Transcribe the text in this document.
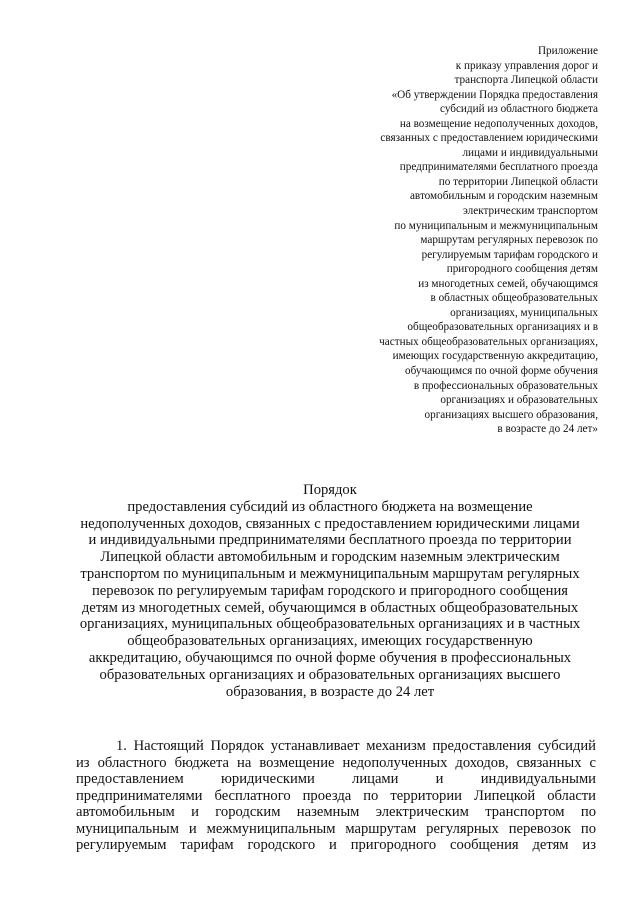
Приложение
к приказу управления дорог и
транспорта Липецкой области
«Об утверждении Порядка предоставления
субсидий из областного бюджета
на возмещение недополученных доходов,
связанных с предоставлением юридическими
лицами и индивидуальными
предпринимателями бесплатного проезда
по территории Липецкой области
автомобильным и городским наземным
электрическим транспортом
по муниципальным и межмуниципальным
маршрутам регулярных перевозок по
регулируемым тарифам городского и
пригородного сообщения детям
из многодетных семей, обучающимся
в областных общеобразовательных
организациях, муниципальных
общеобразовательных организациях и в
частных общеобразовательных организациях,
имеющих государственную аккредитацию,
обучающимся по очной форме обучения
в профессиональных образовательных
организациях и образовательных
организациях высшего образования,
в возрасте до 24 лет»
Порядок
предоставления субсидий из областного бюджета на возмещение
недополученных доходов, связанных с предоставлением юридическими лицами
и индивидуальными предпринимателями бесплатного проезда по территории
Липецкой области автомобильным и городским наземным электрическим
транспортом по муниципальным и межмуниципальным маршрутам регулярных
перевозок по регулируемым тарифам городского и пригородного сообщения
детям из многодетных семей, обучающимся в областных общеобразовательных
организациях, муниципальных общеобразовательных организациях и в частных
общеобразовательных организациях, имеющих государственную
аккредитацию, обучающимся по очной форме обучения в профессиональных
образовательных организациях и образовательных организациях высшего
образования, в возрасте до 24 лет
1. Настоящий Порядок устанавливает механизм предоставления субсидий
из областного бюджета на возмещение недополученных доходов, связанных с
предоставлением юридическими лицами и индивидуальными
предпринимателями бесплатного проезда по территории Липецкой области
автомобильным и городским наземным электрическим транспортом по
муниципальным и межмуниципальным маршрутам регулярных перевозок по
регулируемым тарифам городского и пригородного сообщения детям из
